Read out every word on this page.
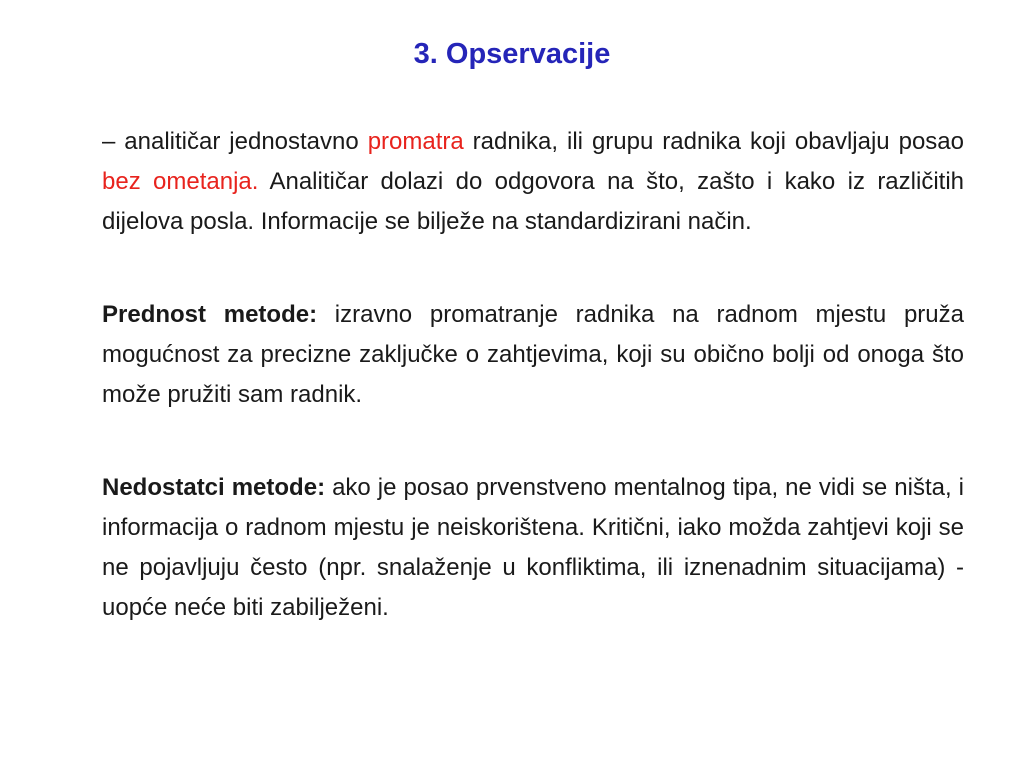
3. Opservacije

– analitičar jednostavno promatra radnika, ili grupu radnika koji obavljaju posao bez ometanja. Analitičar dolazi do odgovora na što, zašto i kako iz različitih dijelova posla. Informacije se bilježe na standardizirani način.

Prednost metode: izravno promatranje radnika na radnom mjestu pruža mogućnost za precizne zaključke o zahtjevima, koji su obično bolji od onoga što može pružiti sam radnik.

Nedostatci metode: ako je posao prvenstveno mentalnog tipa, ne vidi se ništa, i informacija o radnom mjestu je neiskorištena. Kritični, iako možda zahtjevi koji se ne pojavljuju često (npr. snalaženje u konfliktima, ili iznenadnim situacijama) - uopće neće biti zabilježeni.
